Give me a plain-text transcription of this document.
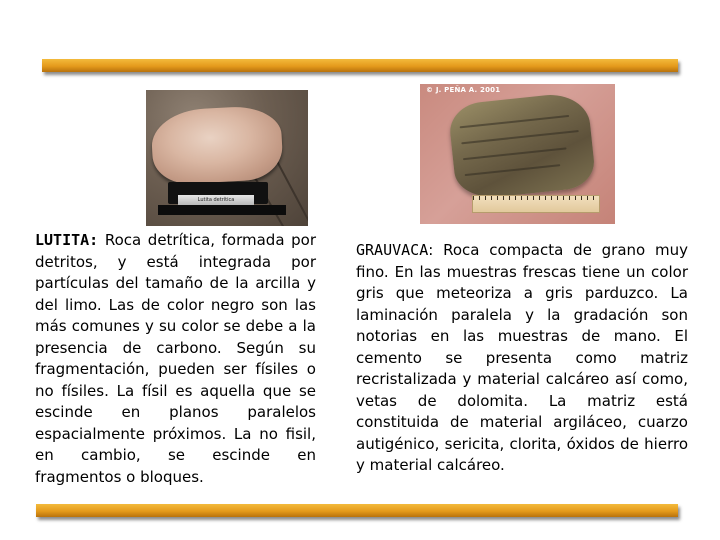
Lutita detrítica
© J. PEÑA A. 2001

LUTITA: Roca detrítica, formada por detritos, y está integrada por partículas del tamaño de la arcilla y del limo. Las de color negro son las más comunes y su color se debe a la presencia de carbono. Según su fragmentación, pueden ser físiles o no físiles. La físil es aquella que se escinde en planos paralelos espacialmente próximos. La no fisil, en cambio, se escinde en fragmentos o bloques.

GRAUVACA: Roca compacta de grano muy fino. En las muestras frescas tiene un color gris que meteoriza a gris parduzco. La laminación paralela y la gradación son notorias en las muestras de mano. El cemento se presenta como matriz recristalizada y material calcáreo así como, vetas de dolomita. La matriz está constituida de material argiláceo, cuarzo autigénico, sericita, clorita, óxidos de hierro y material calcáreo.
